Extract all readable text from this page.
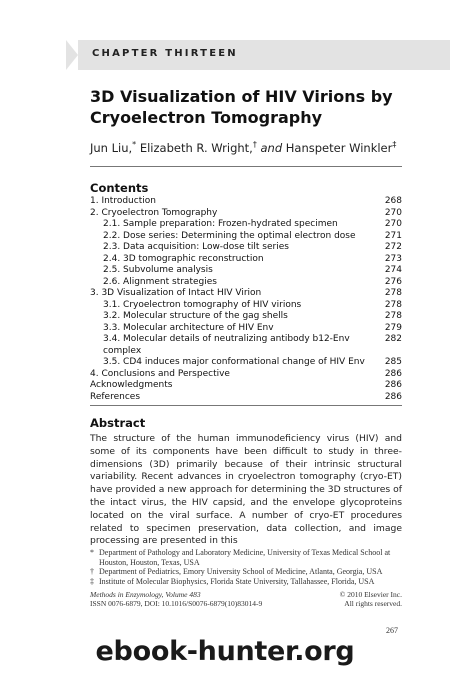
CHAPTER THIRTEEN
3D Visualization of HIV Virions by
Cryoelectron Tomography
Jun Liu,* Elizabeth R. Wright,† and Hanspeter Winkler‡
Contents
1. Introduction	268
2. Cryoelectron Tomography	270
2.1. Sample preparation: Frozen-hydrated specimen	270
2.2. Dose series: Determining the optimal electron dose	271
2.3. Data acquisition: Low-dose tilt series	272
2.4. 3D tomographic reconstruction	273
2.5. Subvolume analysis	274
2.6. Alignment strategies	276
3. 3D Visualization of Intact HIV Virion	278
3.1. Cryoelectron tomography of HIV virions	278
3.2. Molecular structure of the gag shells	278
3.3. Molecular architecture of HIV Env	279
3.4. Molecular details of neutralizing antibody b12-Env complex
282
3.5. CD4 induces major conformational change of HIV Env	285
4. Conclusions and Perspective	286
Acknowledgments	286
References	286
Abstract
The structure of the human immunodeficiency virus (HIV) and some of its components have been difficult to study in three-dimensions (3D) primarily because of their intrinsic structural variability. Recent advances in cryoelectron tomography (cryo-ET) have provided a new approach for determining the 3D structures of the intact virus, the HIV capsid, and the envelope glycoproteins located on the viral surface. A number of cryo-ET procedures related to specimen preservation, data collection, and image processing are presented in this
* Department of Pathology and Laboratory Medicine, University of Texas Medical School at Houston, Houston, Texas, USA
† Department of Pediatrics, Emory University School of Medicine, Atlanta, Georgia, USA
‡ Institute of Molecular Biophysics, Florida State University, Tallahassee, Florida, USA
Methods in Enzymology, Volume 483	© 2010 Elsevier Inc.
ISSN 0076-6879, DOI: 10.1016/S0076-6879(10)83014-9	All rights reserved.
267
ebook-hunter.org
